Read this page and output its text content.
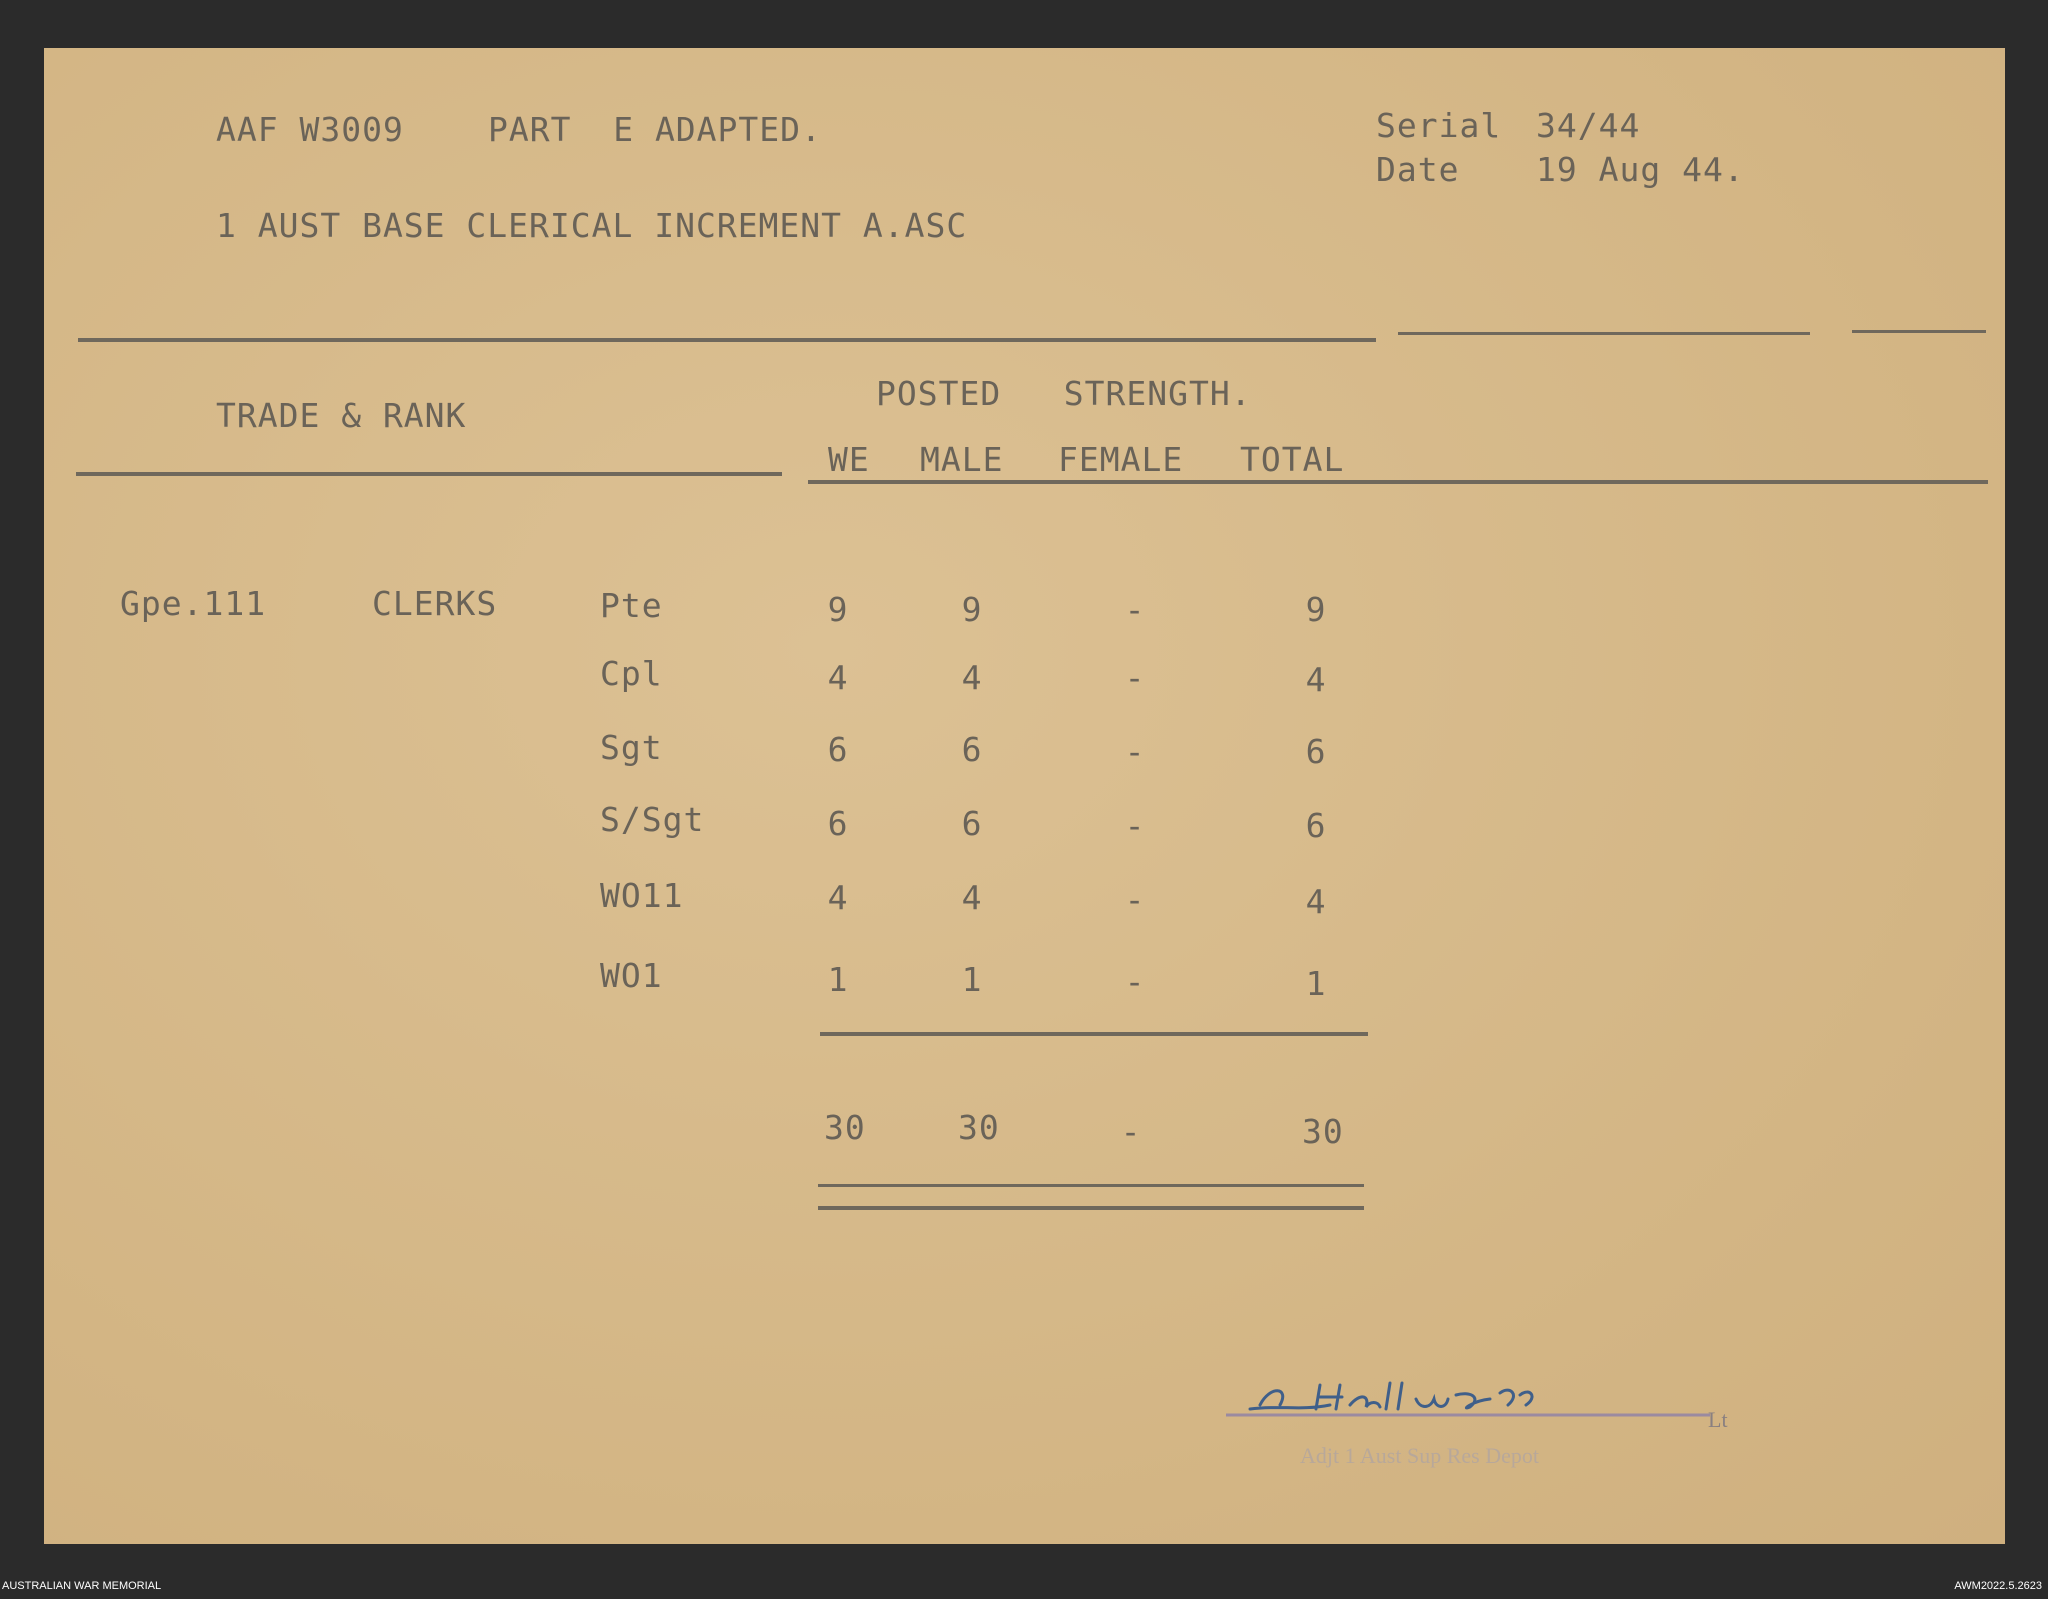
AAF W3009	PART  E ADAPTED.	Serial 34/44
Date 19 Aug 44.
1 AUST BASE CLERICAL INCREMENT A.ASC
TRADE & RANK
POSTED   STRENGTH.
WE MALE FEMALE TOTAL
Gpe.111	CLERKS	Pte	9	9	-	9
Cpl	4	4	-	4
Sgt	6	6	-	6
S/Sgt	6	6	-	6
WO11	4	4	-	4
WO1	1	1	-	1
30	30	-	30
Adjt 1 Aust Sup Res Depot
Lt
AUSTRALIAN WAR MEMORIAL	AWM2022.5.2623
